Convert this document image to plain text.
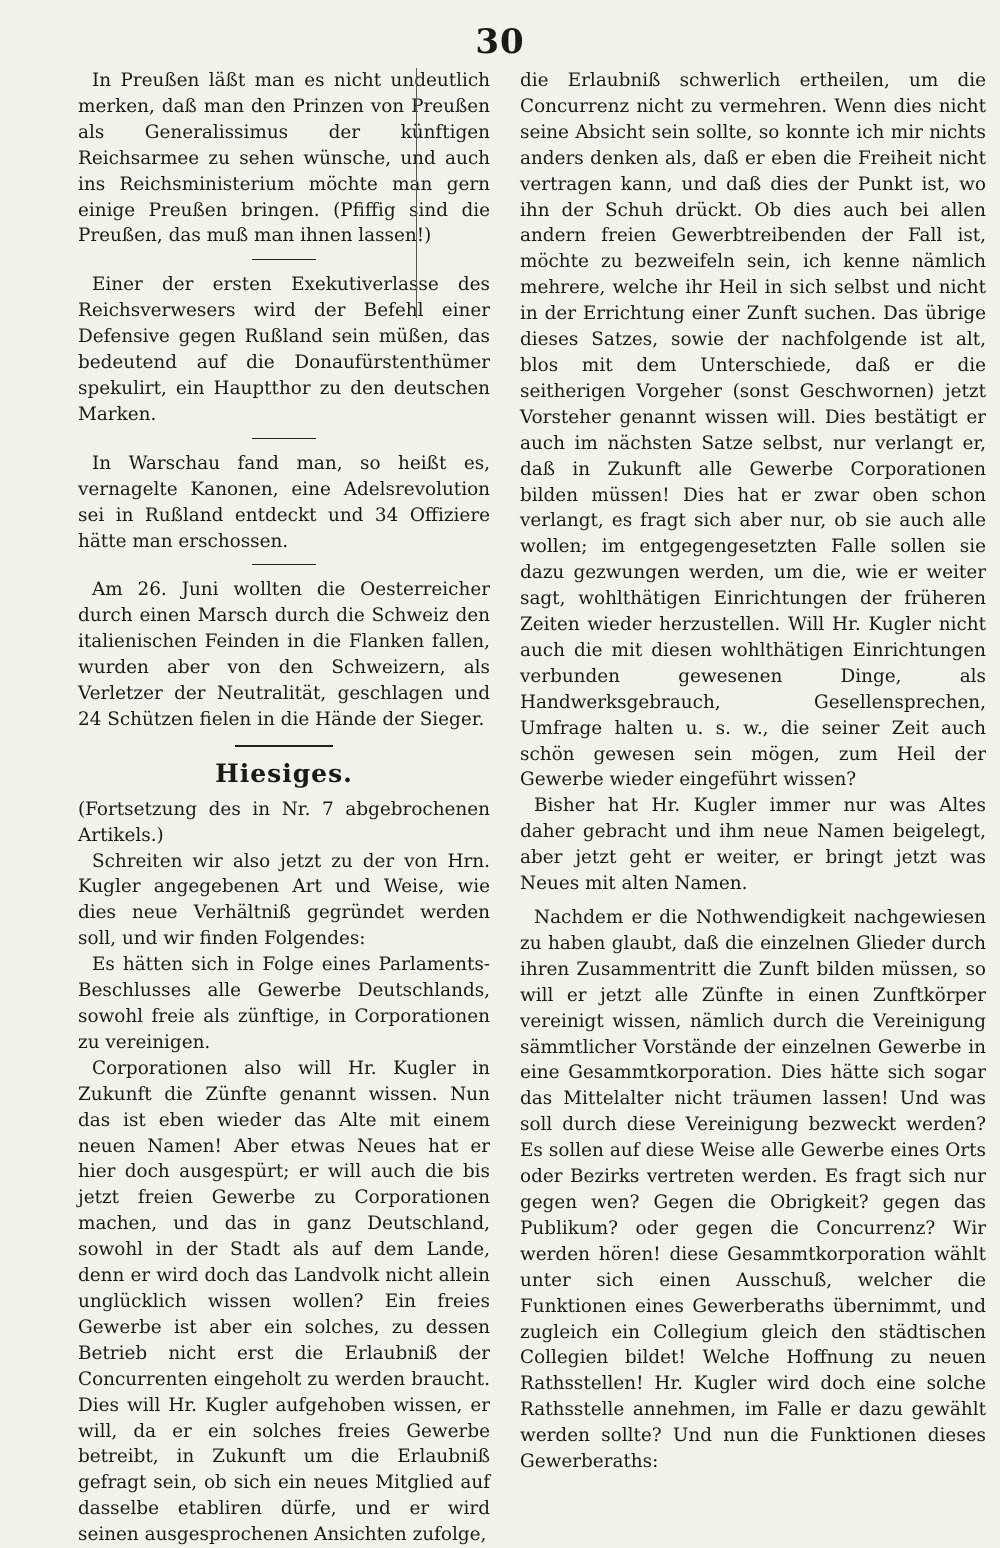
30

In Preußen läßt man es nicht undeutlich merken, daß man den Prinzen von Preußen als Generalissimus der künftigen Reichsarmee zu sehen wünsche, und auch ins Reichsministerium möchte man gern einige Preußen bringen. (Pfiffig sind die Preußen, das muß man ihnen lassen!)

Einer der ersten Exekutiverlasse des Reichsverwesers wird der Befehl einer Defensive gegen Rußland sein müßen, das bedeutend auf die Donaufürstenthümer spekulirt, ein Hauptthor zu den deutschen Marken.

In Warschau fand man, so heißt es, vernagelte Kanonen, eine Adelsrevolution sei in Rußland entdeckt und 34 Offiziere hätte man erschossen.

Am 26. Juni wollten die Oesterreicher durch einen Marsch durch die Schweiz den italienischen Feinden in die Flanken fallen, wurden aber von den Schweizern, als Verletzer der Neutralität, geschlagen und 24 Schützen fielen in die Hände der Sieger.

Hiesiges.

(Fortsetzung des in Nr. 7 abgebrochenen Artikels.)

Schreiten wir also jetzt zu der von Hrn. Kugler angegebenen Art und Weise, wie dies neue Verhältniß gegründet werden soll, und wir finden Folgendes:

Es hätten sich in Folge eines Parlaments-Beschlusses alle Gewerbe Deutschlands, sowohl freie als zünftige, in Corporationen zu vereinigen.

Corporationen also will Hr. Kugler in Zukunft die Zünfte genannt wissen. Nun das ist eben wieder das Alte mit einem neuen Namen! Aber etwas Neues hat er hier doch ausgespürt; er will auch die bis jetzt freien Gewerbe zu Corporationen machen, und das in ganz Deutschland, sowohl in der Stadt als auf dem Lande, denn er wird doch das Landvolk nicht allein unglücklich wissen wollen? Ein freies Gewerbe ist aber ein solches, zu dessen Betrieb nicht erst die Erlaubniß der Concurrenten eingeholt zu werden braucht. Dies will Hr. Kugler aufgehoben wissen, er will, da er ein solches freies Gewerbe betreibt, in Zukunft um die Erlaubniß gefragt sein, ob sich ein neues Mitglied auf dasselbe etabliren dürfe, und er wird seinen ausgesprochenen Ansichten zufolge,

die Erlaubniß schwerlich ertheilen, um die Concurrenz nicht zu vermehren. Wenn dies nicht seine Absicht sein sollte, so konnte ich mir nichts anders denken als, daß er eben die Freiheit nicht vertragen kann, und daß dies der Punkt ist, wo ihn der Schuh drückt. Ob dies auch bei allen andern freien Gewerbtreibenden der Fall ist, möchte zu bezweifeln sein, ich kenne nämlich mehrere, welche ihr Heil in sich selbst und nicht in der Errichtung einer Zunft suchen. Das übrige dieses Satzes, sowie der nachfolgende ist alt, blos mit dem Unterschiede, daß er die seitherigen Vorgeher (sonst Geschwornen) jetzt Vorsteher genannt wissen will. Dies bestätigt er auch im nächsten Satze selbst, nur verlangt er, daß in Zukunft alle Gewerbe Corporationen bilden müssen! Dies hat er zwar oben schon verlangt, es fragt sich aber nur, ob sie auch alle wollen; im entgegengesetzten Falle sollen sie dazu gezwungen werden, um die, wie er weiter sagt, wohlthätigen Einrichtungen der früheren Zeiten wieder herzustellen. Will Hr. Kugler nicht auch die mit diesen wohlthätigen Einrichtungen verbunden gewesenen Dinge, als Handwerksgebrauch, Gesellensprechen, Umfrage halten u. s. w., die seiner Zeit auch schön gewesen sein mögen, zum Heil der Gewerbe wieder eingeführt wissen?

Bisher hat Hr. Kugler immer nur was Altes daher gebracht und ihm neue Namen beigelegt, aber jetzt geht er weiter, er bringt jetzt was Neues mit alten Namen.

Nachdem er die Nothwendigkeit nachgewiesen zu haben glaubt, daß die einzelnen Glieder durch ihren Zusammentritt die Zunft bilden müssen, so will er jetzt alle Zünfte in einen Zunftkörper vereinigt wissen, nämlich durch die Vereinigung sämmtlicher Vorstände der einzelnen Gewerbe in eine Gesammtkorporation. Dies hätte sich sogar das Mittelalter nicht träumen lassen! Und was soll durch diese Vereinigung bezweckt werden? Es sollen auf diese Weise alle Gewerbe eines Orts oder Bezirks vertreten werden. Es fragt sich nur gegen wen? Gegen die Obrigkeit? gegen das Publikum? oder gegen die Concurrenz? Wir werden hören! diese Gesammtkorporation wählt unter sich einen Ausschuß, welcher die Funktionen eines Gewerberaths übernimmt, und zugleich ein Collegium gleich den städtischen Collegien bildet! Welche Hoffnung zu neuen Rathsstellen! Hr. Kugler wird doch eine solche Rathsstelle annehmen, im Falle er dazu gewählt werden sollte? Und nun die Funktionen dieses Gewerberaths:
